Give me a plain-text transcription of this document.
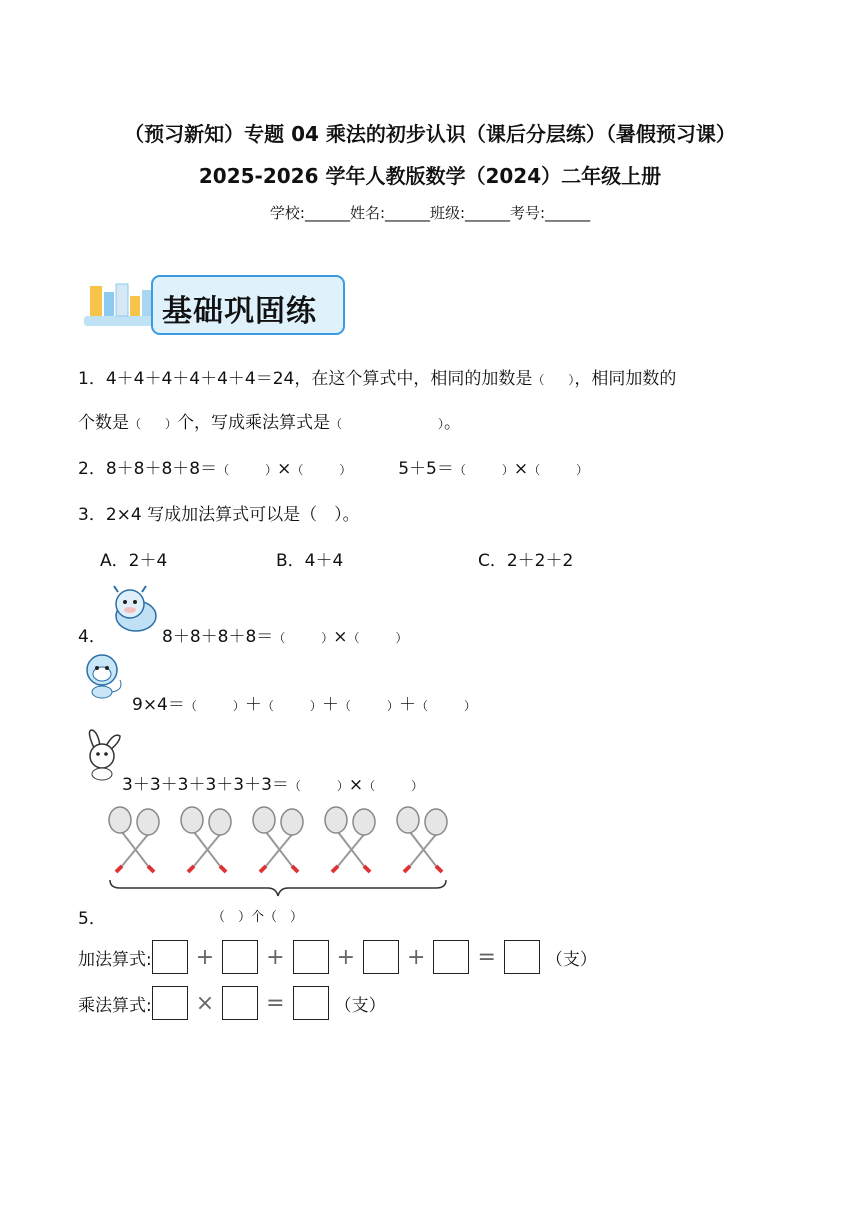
（预习新知）专题 04 乘法的初步认识（课后分层练）（暑假预习课）
2025-2026 学年人教版数学（2024）二年级上册
学校:______姓名:______班级:______考号:______
基础巩固练
1．4＋4＋4＋4＋4＋4＝24，在这个算式中，相同的加数是（　　），相同加数的
个数是（　　）个，写成乘法算式是（　　　　　　　　）。
2．8＋8＋8＋8＝（　　　）×（　　　）	5＋5＝（　　　）×（　　　）
3．2×4 写成加法算式可以是（　）。
A．2＋4	B．4＋4	C．2＋2＋2
4．	8＋8＋8＋8＝（　　　）×（　　　）
9×4＝（　　　）＋（　　　）＋（　　　）＋（　　　）
3＋3＋3＋3＋3＋3＝（　　　）×（　　　）
5．	（　）个（　）
加法算式: + + + + =	（支）
乘法算式: × =	（支）
